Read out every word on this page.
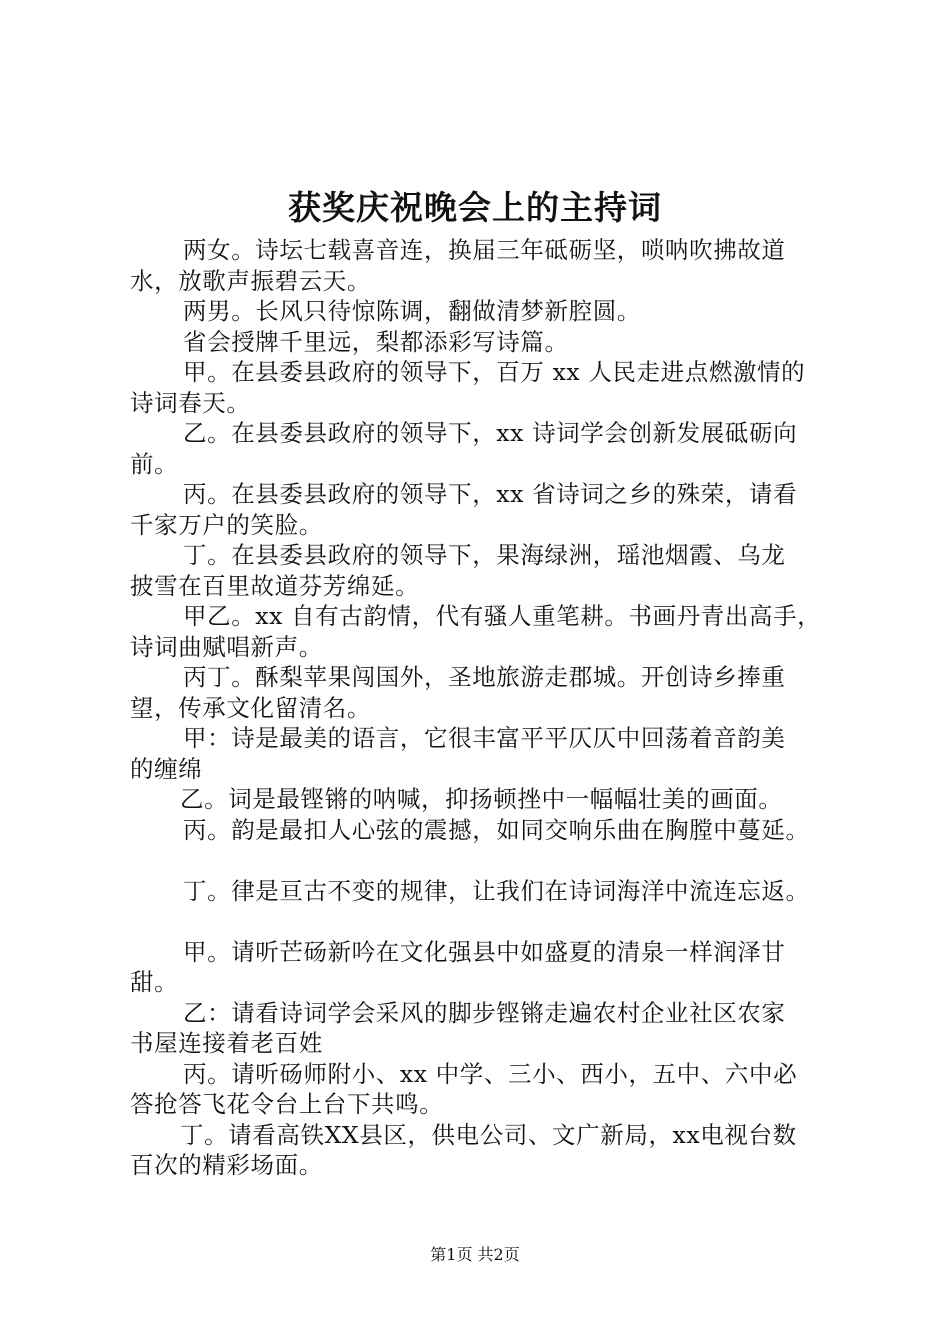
获奖庆祝晚会上的主持词
两女。诗坛七载喜音连，换届三年砥砺坚，唢呐吹拂故道
水，放歌声振碧云天。
两男。长风只待惊陈调，翻做清梦新腔圆。
省会授牌千里远，梨都添彩写诗篇。
甲。在县委县政府的领导下，百万 xx 人民走进点燃激情的
诗词春天。
乙。在县委县政府的领导下，xx 诗词学会创新发展砥砺向
前。
丙。在县委县政府的领导下，xx 省诗词之乡的殊荣，请看
千家万户的笑脸。
丁。在县委县政府的领导下，果海绿洲，瑶池烟霞、乌龙
披雪在百里故道芬芳绵延。
甲乙。xx 自有古韵情，代有骚人重笔耕。书画丹青出高手，
诗词曲赋唱新声。
丙丁。酥梨苹果闯国外，圣地旅游走郡城。开创诗乡捧重
望，传承文化留清名。
甲：诗是最美的语言，它很丰富平平仄仄中回荡着音韵美
的缠绵
乙。词是最铿锵的呐喊，抑扬顿挫中一幅幅壮美的画面。
丙。韵是最扣人心弦的震撼，如同交响乐曲在胸膛中蔓延。
丁。律是亘古不变的规律，让我们在诗词海洋中流连忘返。
甲。请听芒砀新吟在文化强县中如盛夏的清泉一样润泽甘
甜。
乙：请看诗词学会采风的脚步铿锵走遍农村企业社区农家
书屋连接着老百姓
丙。请听砀师附小、xx 中学、三小、西小，五中、六中必
答抢答飞花令台上台下共鸣。
丁。请看高铁XX县区，供电公司、文广新局，xx电视台数
百次的精彩场面。
第1页 共2页
